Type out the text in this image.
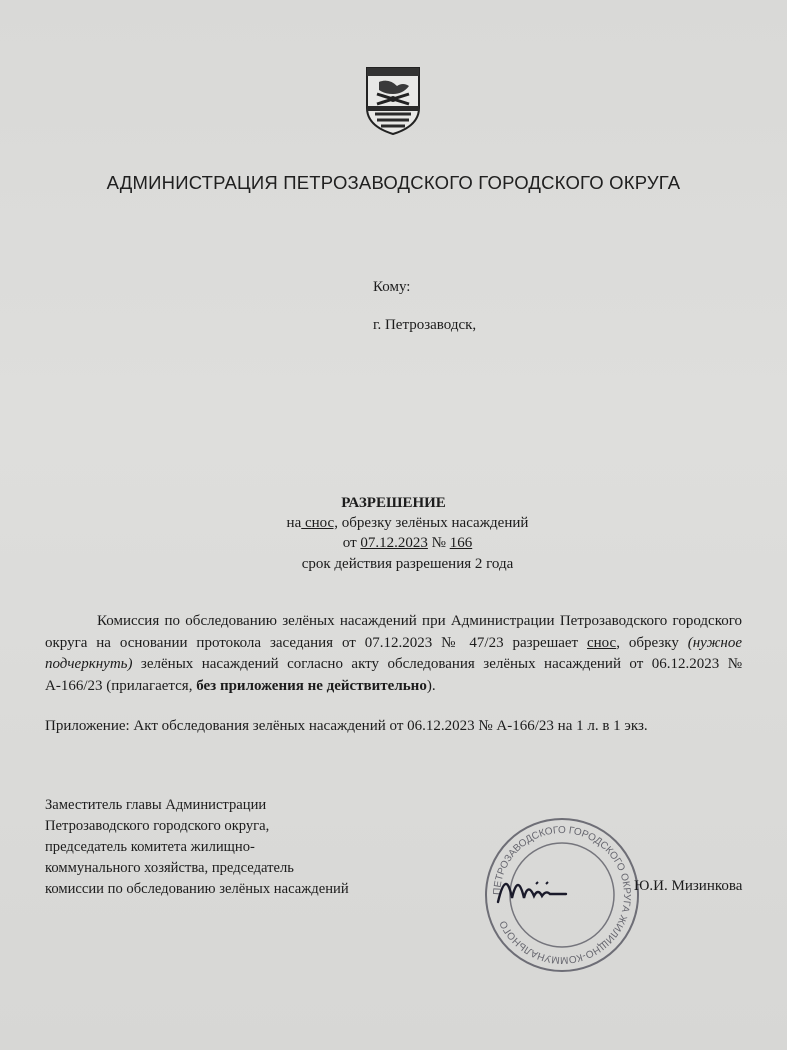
АДМИНИСТРАЦИЯ ПЕТРОЗАВОДСКОГО ГОРОДСКОГО ОКРУГА
Кому:
г. Петрозаводск,
РАЗРЕШЕНИЕ
на снос, обрезку зелёных насаждений
от 07.12.2023 № 166
срок действия разрешения 2 года
Комиссия по обследованию зелёных насаждений при Администрации Петрозаводского городского округа на основании протокола заседания от 07.12.2023 № 47/23 разрешает снос, обрезку (нужное подчеркнуть) зелёных насаждений согласно акту обследования зелёных насаждений от 06.12.2023 № А-166/23 (прилагается, без приложения не действительно).
Приложение: Акт обследования зелёных насаждений от 06.12.2023 № А-166/23 на 1 л. в 1 экз.
Заместитель главы Администрации
Петрозаводского городского округа,
председатель комитета жилищно-
коммунального хозяйства, председатель
комиссии по обследованию зелёных насаждений	ПЕТРОЗАВОДСКОГО ГОРОДСКОГО ОКРУГА ЖИЛИЩНО-КОММУНАЛЬНОГО
Ю.И. Мизинкова
